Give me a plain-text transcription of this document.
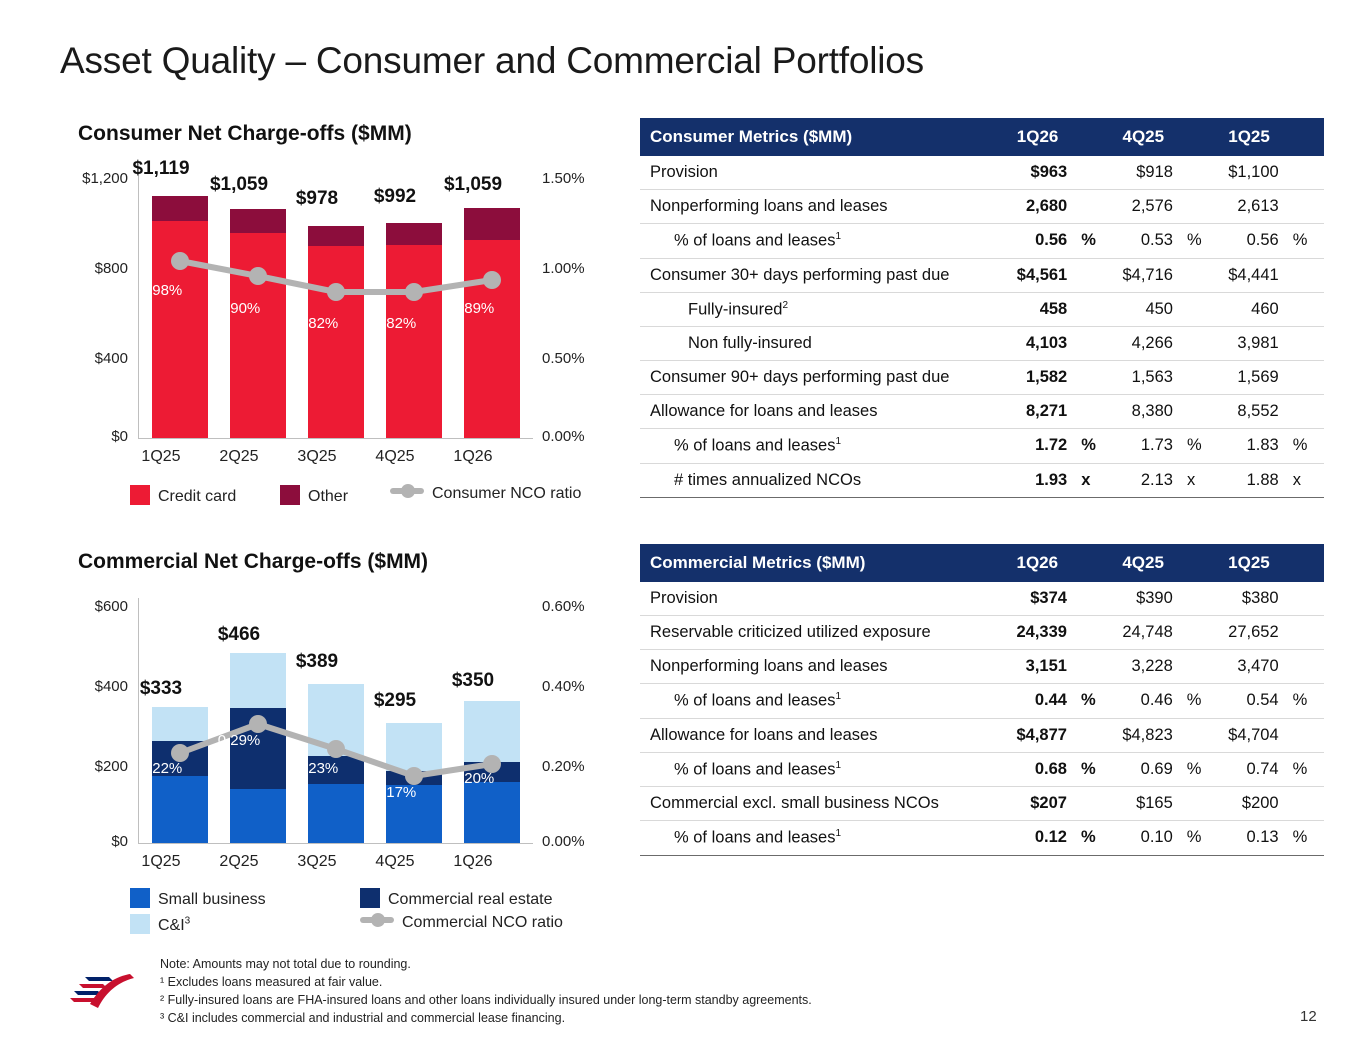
Asset Quality – Consumer and Commercial Portfolios
Consumer Net Charge-offs ($MM)
$1,200
$800
$400
$0
1.50%
1.00%
0.50%
0.00%
$1,119
$1,059
$978	$992
$1,059
0.98%
0.90%
0.82%	0.82%
0.89%
1Q25	2Q25	3Q25	4Q25	1Q26
Credit card	Other	Consumer NCO ratio
Commercial Net Charge-offs ($MM)
$600
$400
$200
$0
0.60%
0.40%
0.20%
0.00%
$333
$466
$389
$295
$350
0.22%
0.29%
0.23%
0.17%
0.20%
1Q25	2Q25	3Q25	4Q25	1Q26
Small business	Commercial real estate
$C\&I^3$	Commercial NCO ratio
Consumer Metrics ($MM)	1Q26		4Q25		1Q25	
Provision	$963		$918		$1,100	
Nonperforming loans and leases	2,680		2,576		2,613	
% of loans and leases$^1$	0.56	%	0.53	%	0.56	%
Consumer 30+ days performing past due	$4,561		$4,716		$4,441	
Fully-insured$^2$	458		450		460	
Non fully-insured	4,103		4,266		3,981	
Consumer 90+ days performing past due	1,582		1,563		1,569	
Allowance for loans and leases	8,271		8,380		8,552	
% of loans and leases$^1$	1.72	%	1.73	%	1.83	%
# times annualized NCOs	1.93	x	2.13	x	1.88	x
Commercial Metrics ($MM)	1Q26		4Q25		1Q25	
Provision	$374		$390		$380	
Reservable criticized utilized exposure	24,339		24,748		27,652	
Nonperforming loans and leases	3,151		3,228		3,470	
% of loans and leases$^1$	0.44	%	0.46	%	0.54	%
Allowance for loans and leases	$4,877		$4,823		$4,704	
% of loans and leases$^1$	0.68	%	0.69	%	0.74	%
Commercial excl. small business NCOs	$207		$165		$200	
% of loans and leases$^1$	0.12	%	0.10	%	0.13	%
Note: Amounts may not total due to rounding.
¹ Excludes loans measured at fair value.
² Fully-insured loans are FHA-insured loans and other loans individually insured under long-term standby agreements.
³ C&I includes commercial and industrial and commercial lease financing.	12
